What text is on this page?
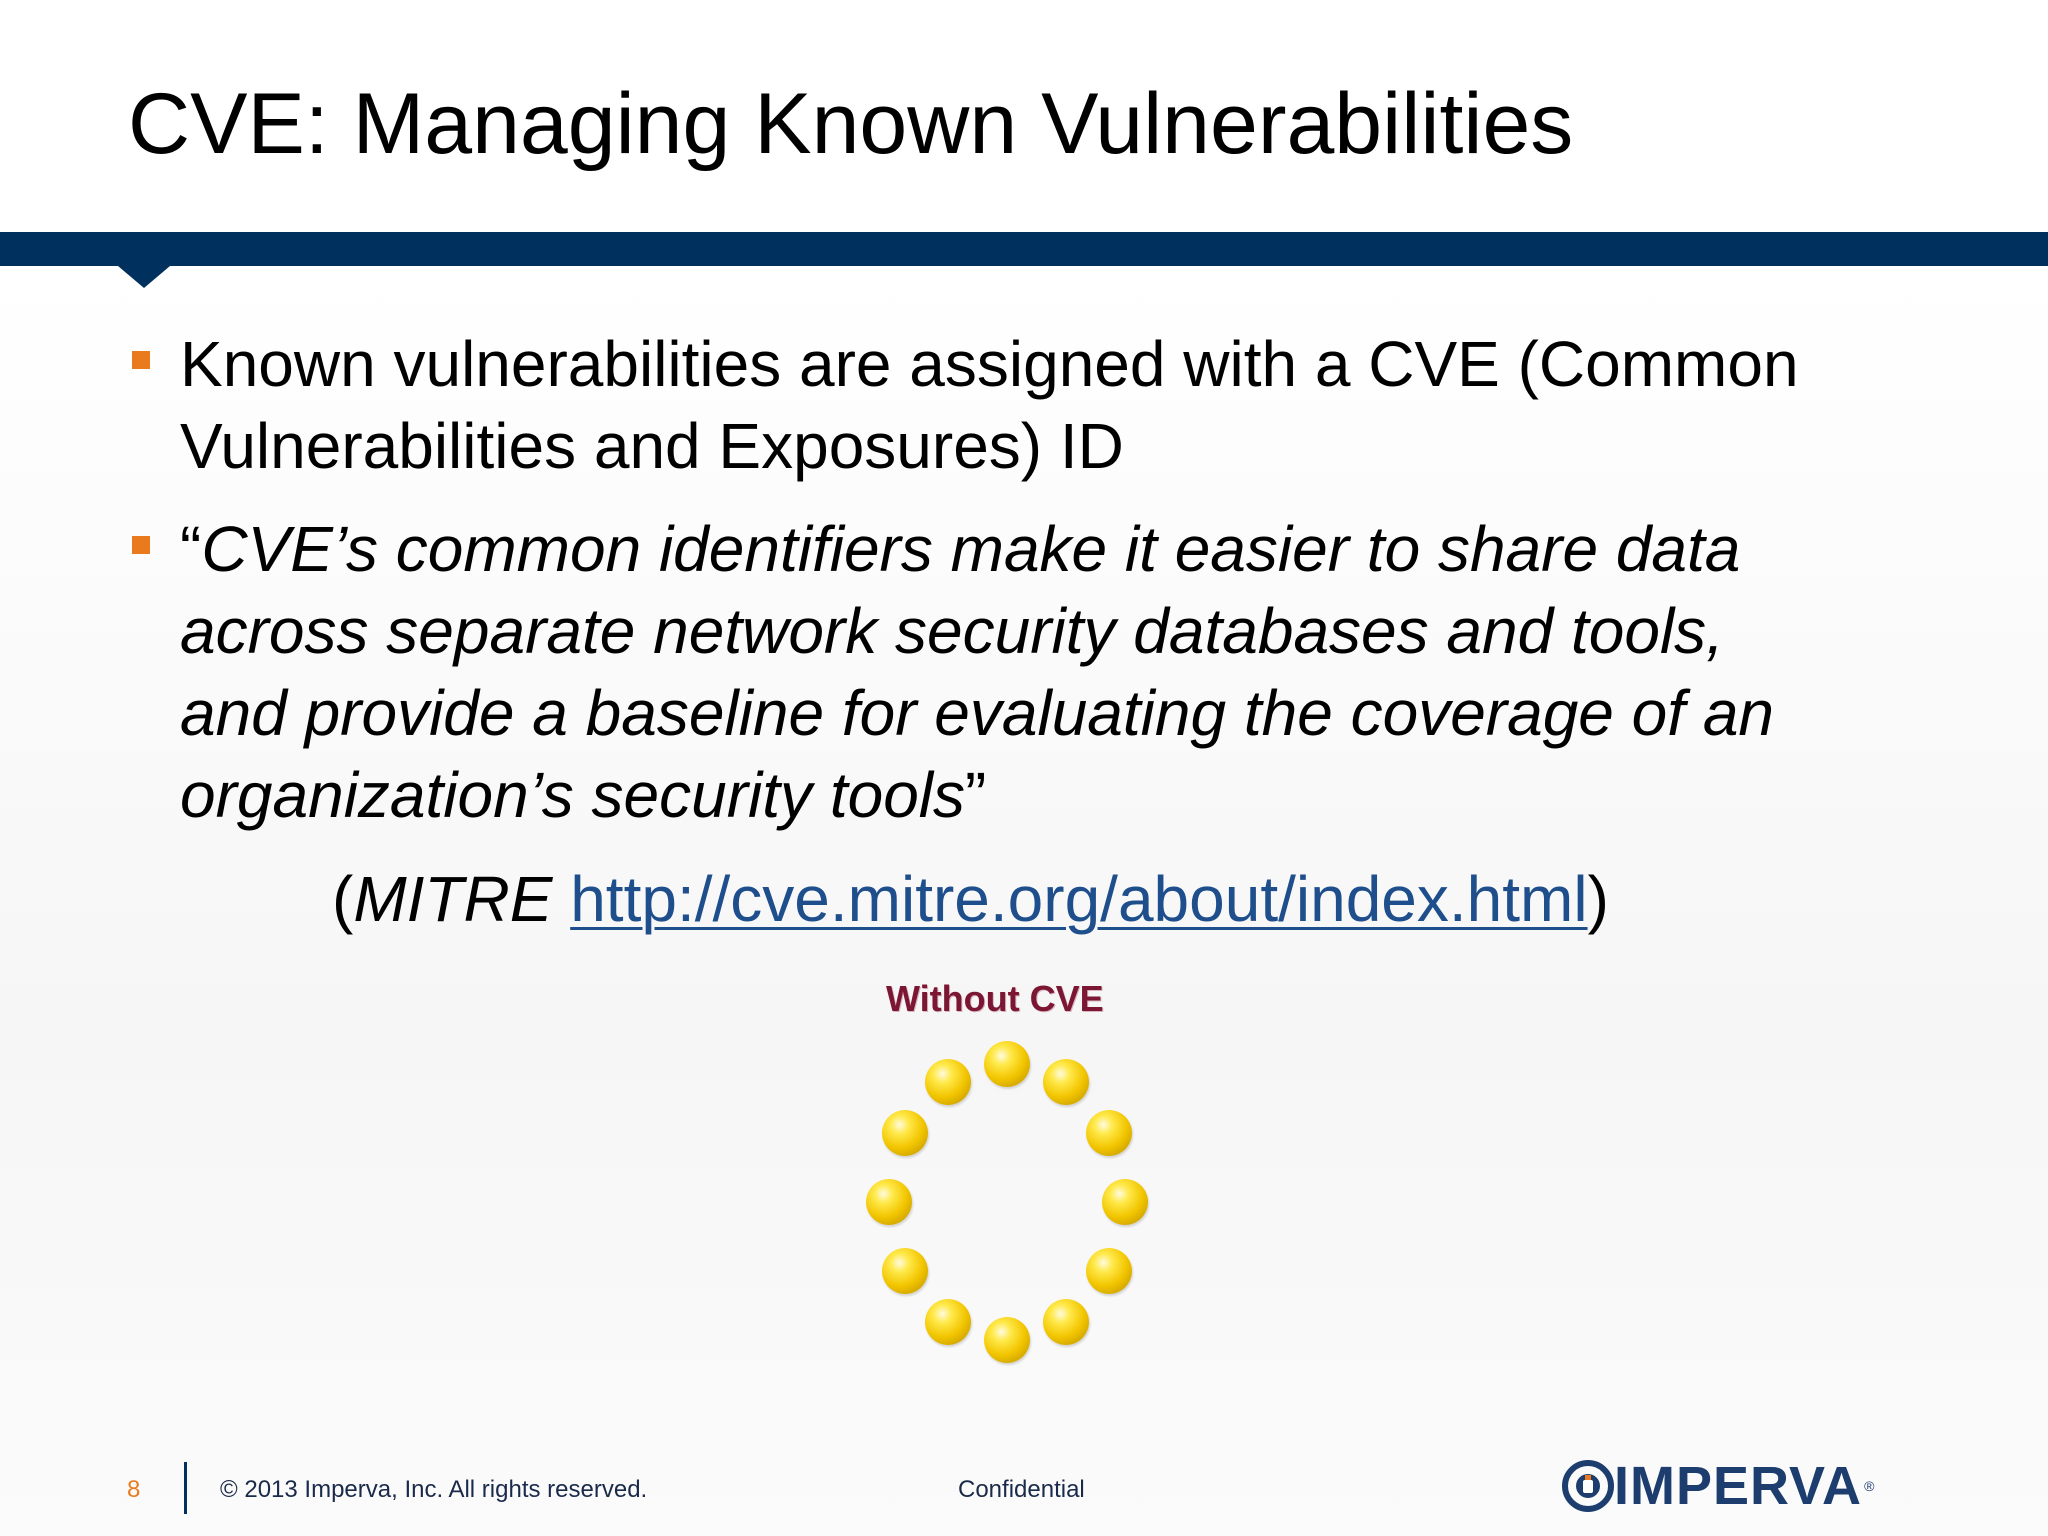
CVE: Managing Known Vulnerabilities
Known vulnerabilities are assigned with a CVE (Common
Vulnerabilities and Exposures) ID
“CVE’s common identifiers make it easier to share data
across separate network security databases and tools,
and provide a baseline for evaluating the coverage of an
organization’s security tools”
(MITRE http://cve.mitre.org/about/index.html)
Without CVE
8	© 2013 Imperva, Inc. All rights reserved.	Confidential	IMPERVA ®
